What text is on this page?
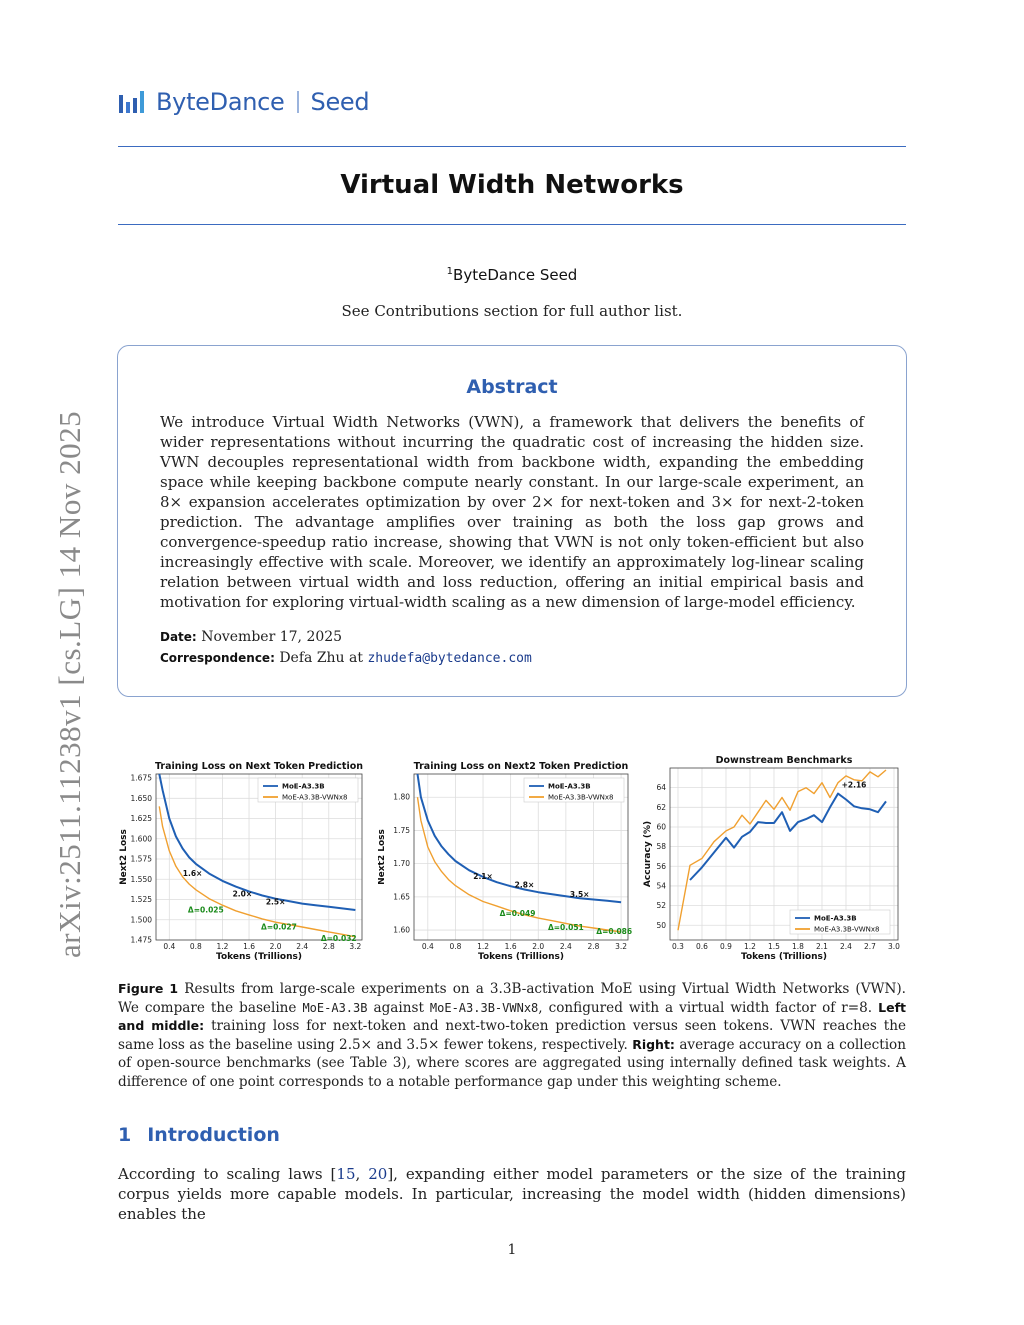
arXiv:2511.11238v1 [cs.LG] 14 Nov 2025
ByteDance Seed
Virtual Width Networks
$^1$ByteDance Seed
See Contributions section for full author list.
Abstract
We introduce Virtual Width Networks (VWN), a framework that delivers the benefits of wider representations without incurring the quadratic cost of increasing the hidden size. VWN decouples representational width from backbone width, expanding the embedding space while keeping backbone compute nearly constant. In our large-scale experiment, an 8× expansion accelerates optimization by over 2× for next-token and 3× for next-2-token prediction. The advantage amplifies over training as both the loss gap grows and convergence-speedup ratio increase, showing that VWN is not only token-efficient but also increasingly effective with scale. Moreover, we identify an approximately log-linear scaling relation between virtual width and loss reduction, offering an initial empirical basis and motivation for exploring virtual-width scaling as a new dimension of large-model efficiency.
Date: November 17, 2025
Correspondence: Defa Zhu at zhudefa@bytedance.com
Training Loss on Next Token Prediction
0.4 0.8 1.2 1.6 2.0 2.4 2.8 3.2
1.475
1.500
1.525
1.550
1.575
1.600
1.625
1.650
1.675
Tokens (Trillions)
Next2 Loss	1.6×
2.0×
2.5×
Δ=0.025
Δ=0.027
Δ=0.032
MoE-A3.3B
MoE-A3.3B-VWNx8
Training Loss on Next2 Token Prediction
0.4 0.8 1.2 1.6 2.0 2.4 2.8 3.2
1.60
1.65
1.70
1.75
1.80
Tokens (Trillions)
Next2 Loss	2.1×
2.8×
3.5×
Δ=0.049
Δ=0.051 Δ=0.086
MoE-A3.3B
MoE-A3.3B-VWNx8
Downstream Benchmarks
0.3 0.6 0.9 1.2 1.5 1.8 2.1 2.4 2.7 3.0
50
52
54
56
58
60
62
64
Tokens (Trillions)
Accuracy (%)
+2.16
MoE-A3.3B
MoE-A3.3B-VWNx8
Figure 1 Results from large-scale experiments on a 3.3B-activation MoE using Virtual Width Networks (VWN). We compare the baseline MoE-A3.3B against MoE-A3.3B-VWNx8, configured with a virtual width factor of r=8. Left and middle: training loss for next-token and next-two-token prediction versus seen tokens. VWN reaches the same loss as the baseline using 2.5× and 3.5× fewer tokens, respectively. Right: average accuracy on a collection of open-source benchmarks (see Table 3), where scores are aggregated using internally defined task weights. A difference of one point corresponds to a notable performance gap under this weighting scheme.
1 Introduction
According to scaling laws [15, 20], expanding either model parameters or the size of the training corpus yields more capable models. In particular, increasing the model width (hidden dimensions) enables the
1
